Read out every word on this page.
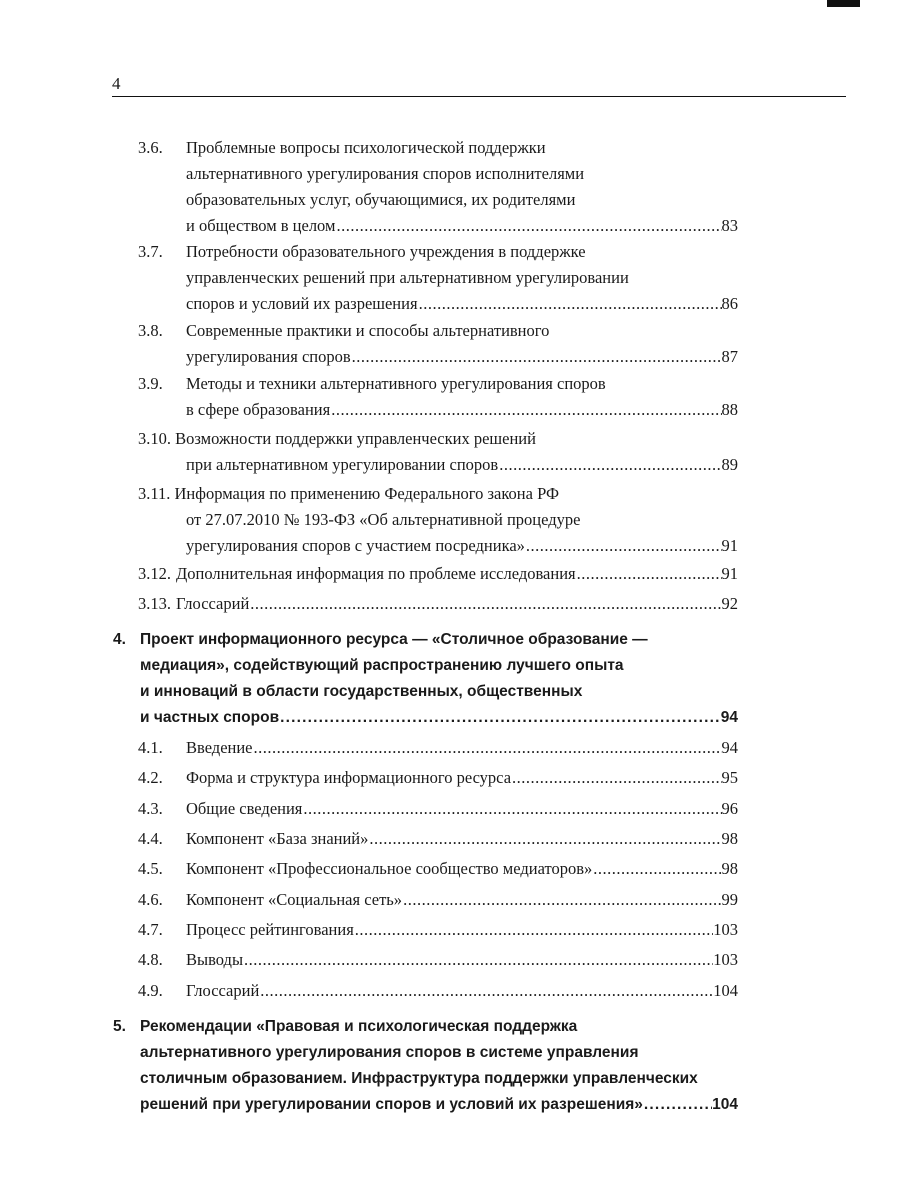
4
3.6. Проблемные вопросы психологической поддержки
альтернативного урегулирования споров исполнителями
образовательных услуг, обучающимися, их родителями
и обществом в целом .....	83
3.7. Потребности образовательного учреждения в поддержке
управленческих решений при альтернативном урегулировании
споров и условий их разрешения .....	86
3.8. Современные практики и способы альтернативного
урегулирования споров .....	87
3.9. Методы и техники альтернативного урегулирования споров
в сфере образования .....	88
3.10. Возможности поддержки управленческих решений
при альтернативном урегулировании споров .....	89
3.11. Информация по применению Федерального закона РФ
от 27.07.2010 № 193-ФЗ «Об альтернативной процедуре
урегулирования споров с участием посредника» .....	91
3.12. Дополнительная информация по проблеме исследования .....	91
3.13. Глоссарий .....	92
4. Проект информационного ресурса — «Столичное образование —
медиация», содействующий распространению лучшего опыта
и инноваций в области государственных, общественных
и частных споров .....	94
4.1. Введение .....	94
4.2. Форма и структура информационного ресурса .....	95
4.3. Общие сведения .....	96
4.4. Компонент «База знаний» .....	98
4.5. Компонент «Профессиональное сообщество медиаторов» .....	98
4.6. Компонент «Социальная сеть» .....	99
4.7. Процесс рейтингования .....	103
4.8. Выводы .....	103
4.9. Глоссарий .....	104
5. Рекомендации «Правовая и психологическая поддержка
альтернативного урегулирования споров в системе управления
столичным образованием. Инфраструктура поддержки управленческих
решений при урегулировании споров и условий их разрешения» .....	104
